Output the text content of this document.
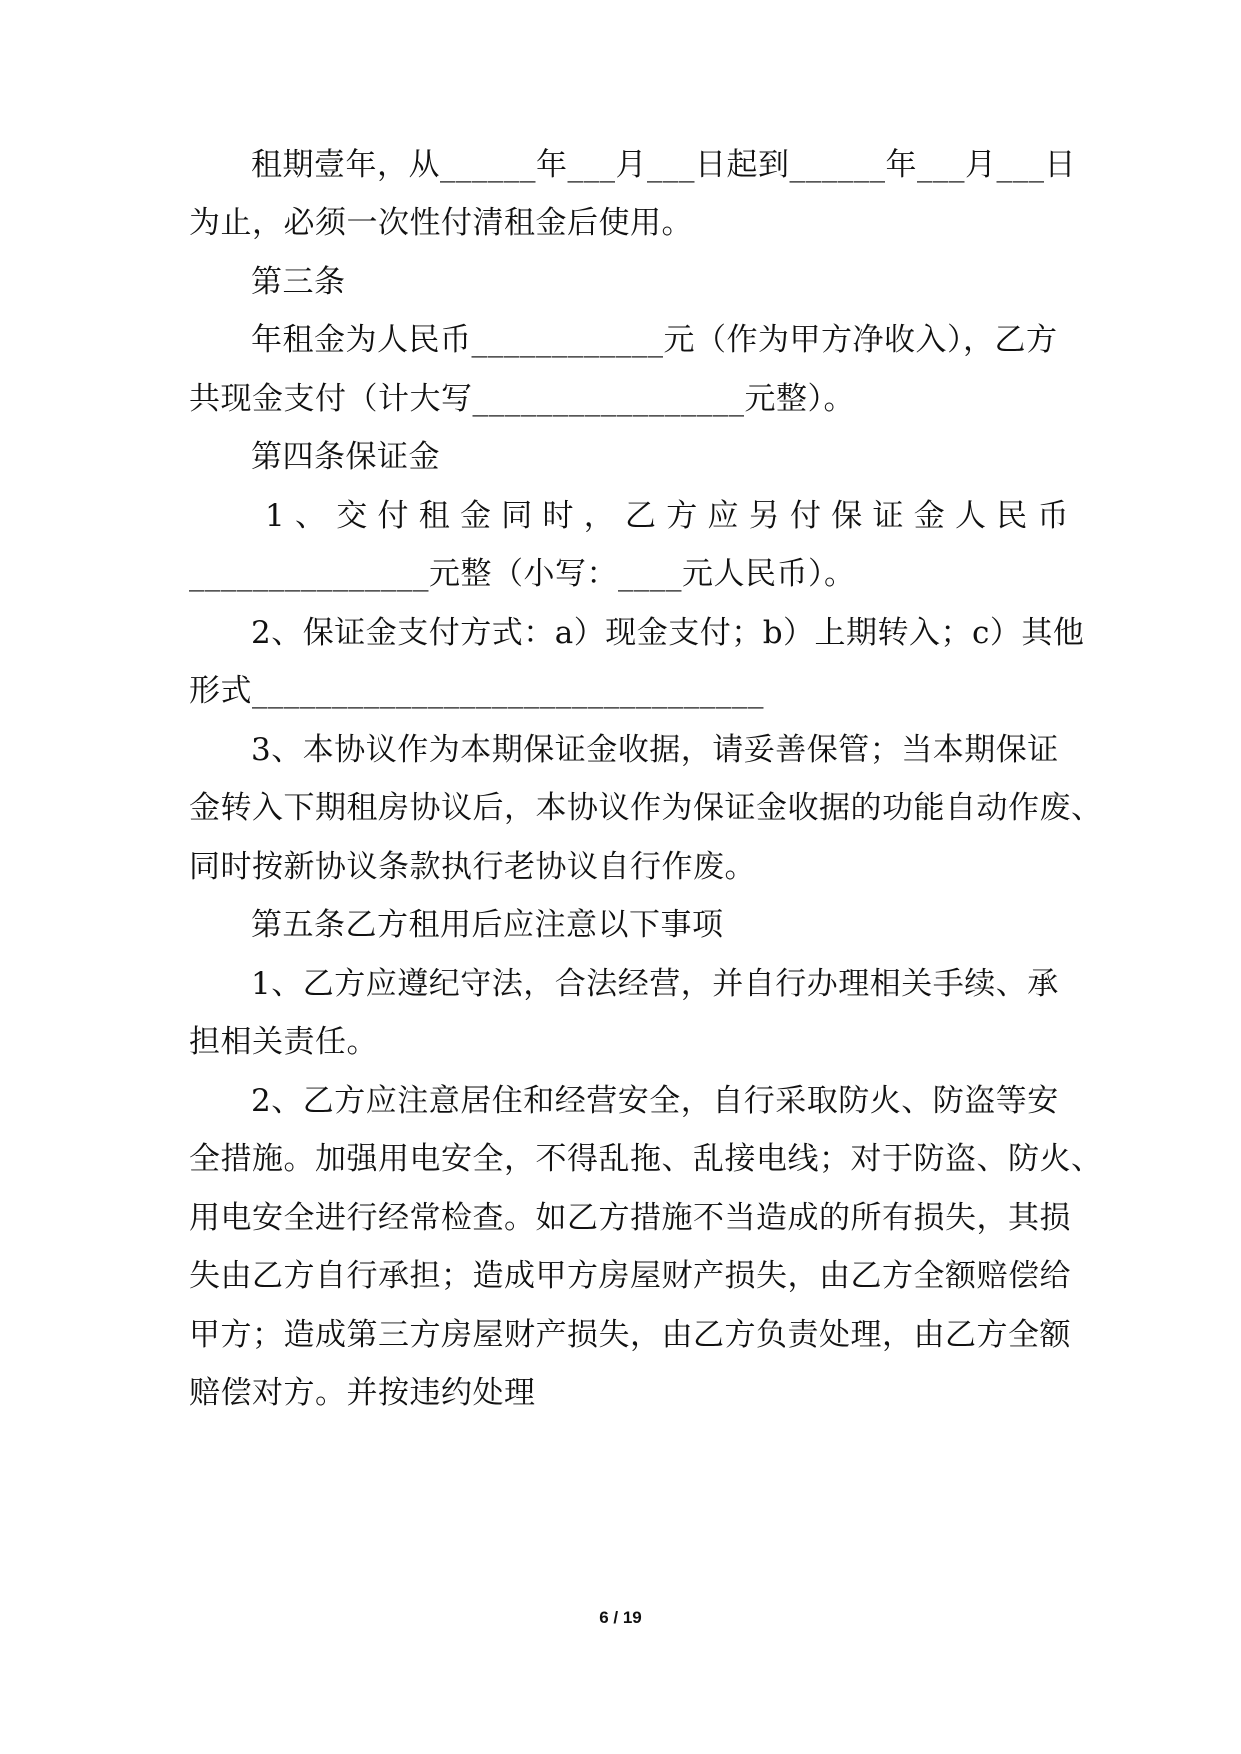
租期壹年，从______年___月___日起到______年___月___日
为止，必须一次性付清租金后使用。
第三条
年租金为人民币____________元（作为甲方净收入），乙方
共现金支付（计大写_________________元整）。
第四条保证金
1、交付租金同时，乙方应另付保证金人民币
_______________元整（小写：____元人民币）。
2、保证金支付方式：a）现金支付；b）上期转入；c）其他
形式________________________________
3、本协议作为本期保证金收据，请妥善保管；当本期保证
金转入下期租房协议后，本协议作为保证金收据的功能自动作废、
同时按新协议条款执行老协议自行作废。
第五条乙方租用后应注意以下事项
1、乙方应遵纪守法，合法经营，并自行办理相关手续、承
担相关责任。
2、乙方应注意居住和经营安全，自行采取防火、防盗等安
全措施。加强用电安全，不得乱拖、乱接电线；对于防盗、防火、
用电安全进行经常检查。如乙方措施不当造成的所有损失，其损
失由乙方自行承担；造成甲方房屋财产损失，由乙方全额赔偿给
甲方；造成第三方房屋财产损失，由乙方负责处理，由乙方全额
赔偿对方。并按违约处理
6 / 19
